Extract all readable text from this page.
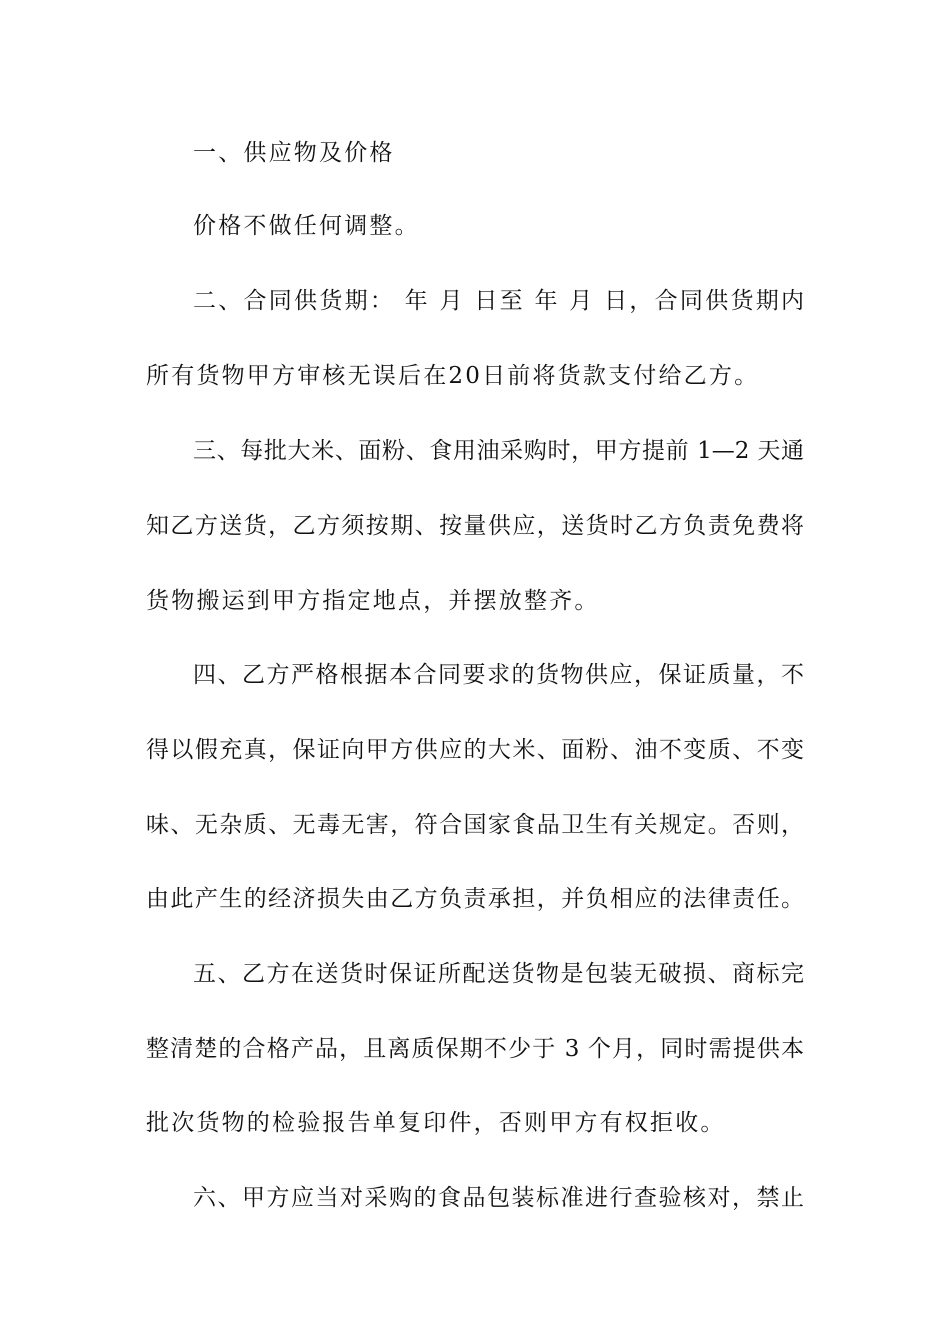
一、供应物及价格
价格不做任何调整。
二、合同供货期： 年 月 日至 年 月 日，合同供货期内
所有货物甲方审核无误后在20日前将货款支付给乙方。
三、每批大米、面粉、食用油采购时，甲方提前 1—2 天通
知乙方送货，乙方须按期、按量供应，送货时乙方负责免费将
货物搬运到甲方指定地点，并摆放整齐。
四、乙方严格根据本合同要求的货物供应，保证质量，不
得以假充真，保证向甲方供应的大米、面粉、油不变质、不变
味、无杂质、无毒无害，符合国家食品卫生有关规定。否则，
由此产生的经济损失由乙方负责承担，并负相应的法律责任。
五、乙方在送货时保证所配送货物是包装无破损、商标完
整清楚的合格产品，且离质保期不少于 3 个月，同时需提供本
批次货物的检验报告单复印件，否则甲方有权拒收。
六、甲方应当对采购的食品包装标准进行查验核对，禁止
